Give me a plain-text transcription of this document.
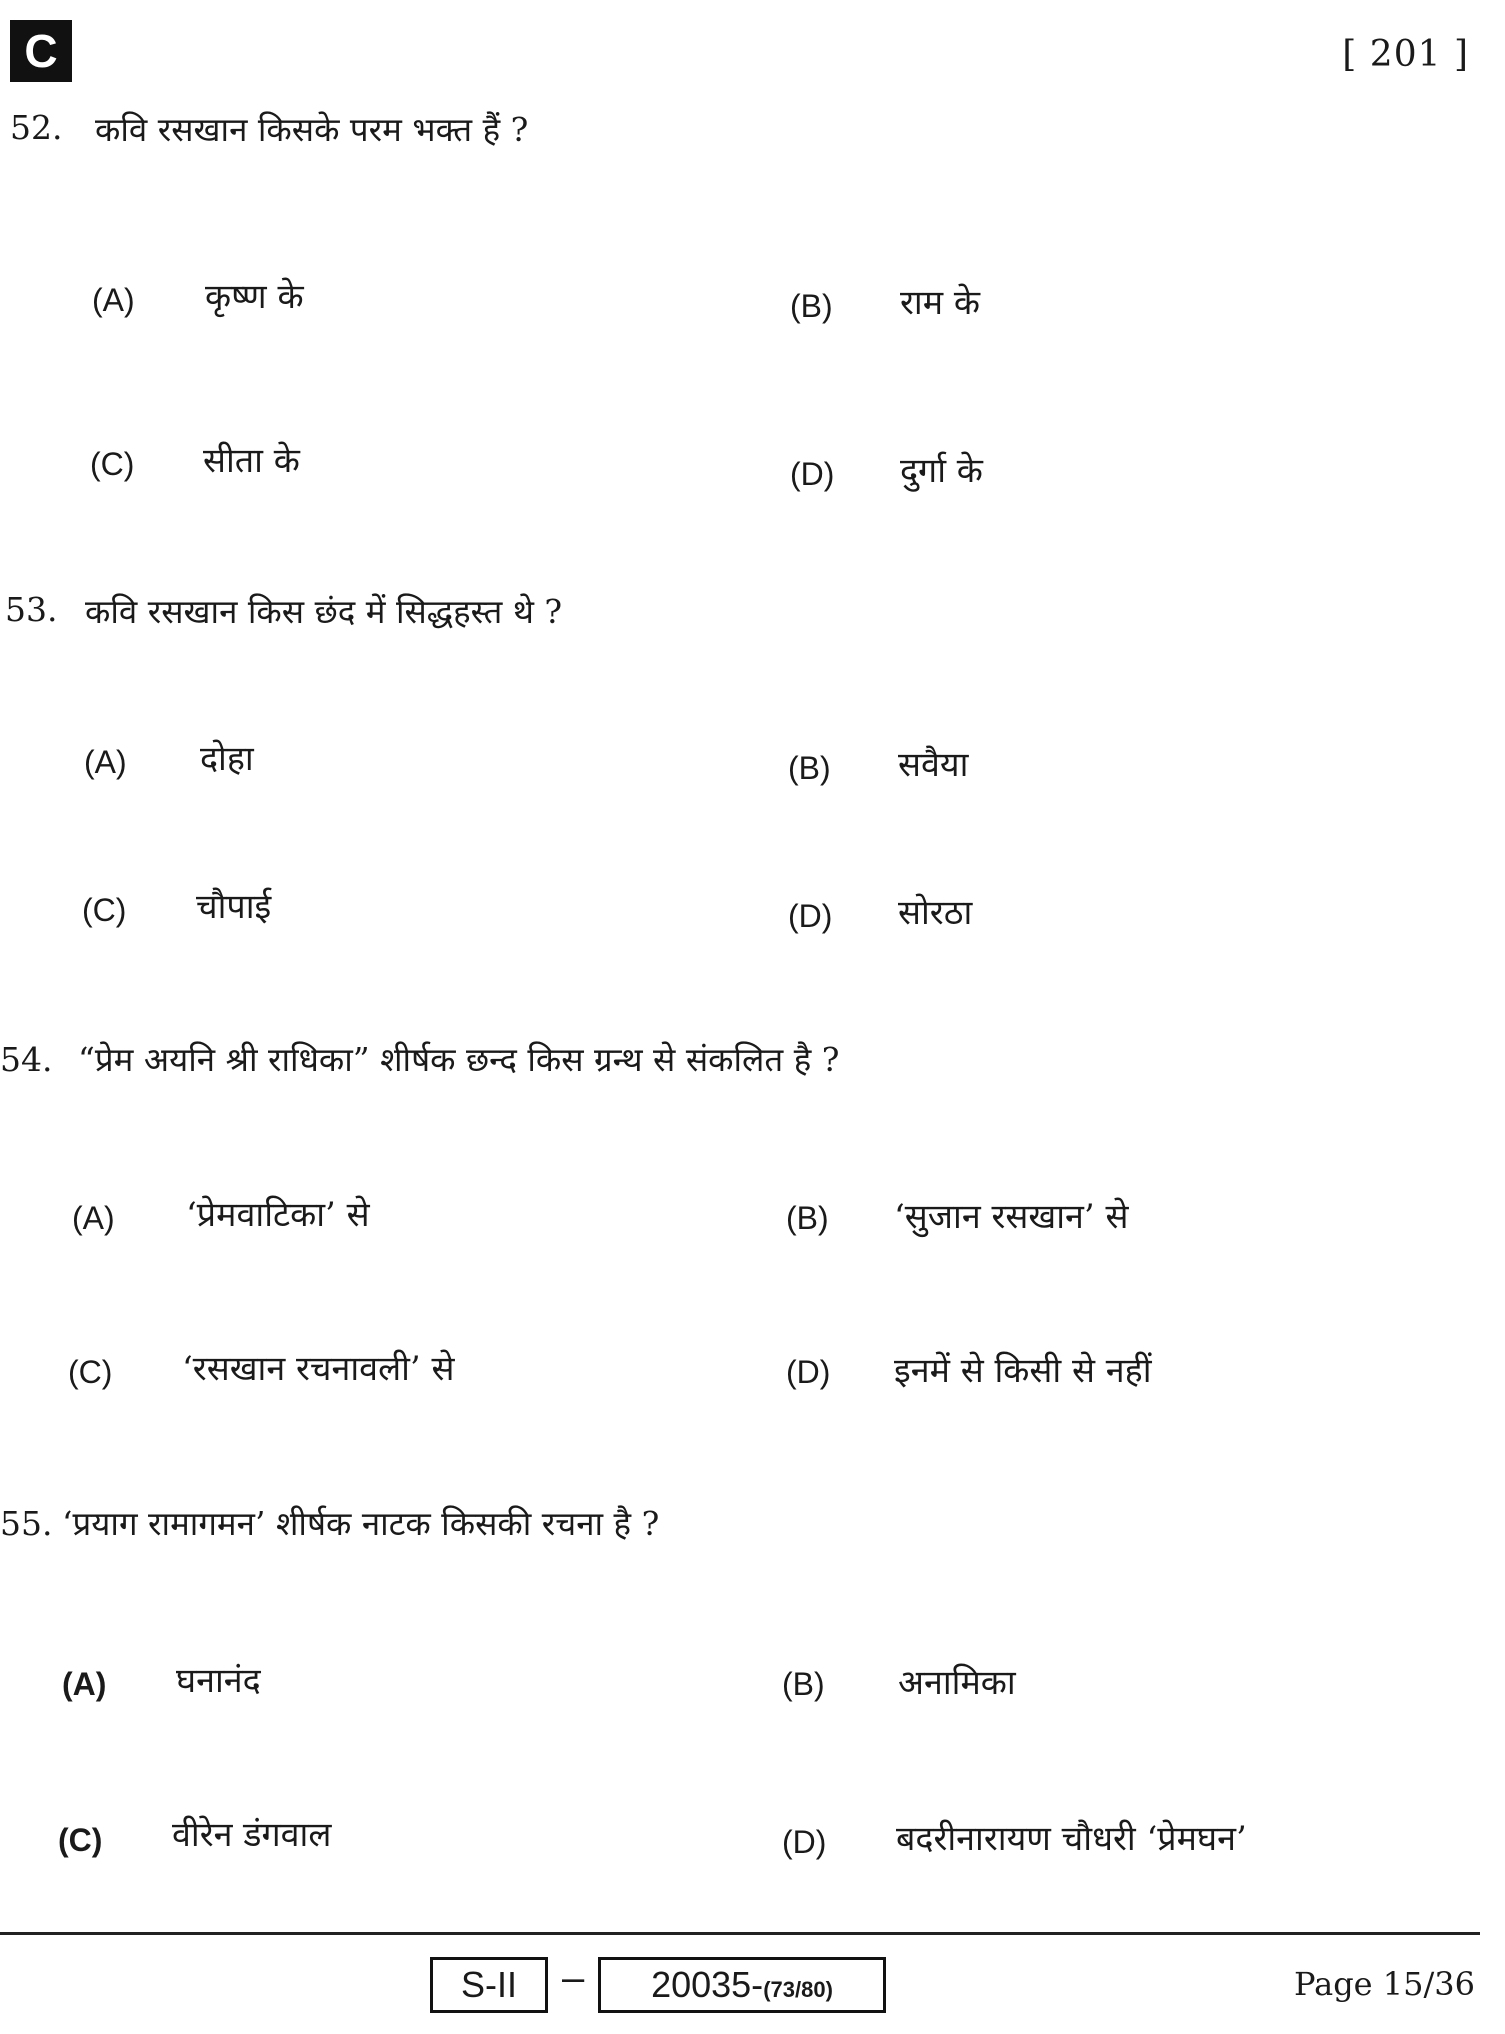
C	[ 201 ]
52. कवि रसखान किसके परम भक्त हैं ?
(A) कृष्ण के	(B) राम के
(C) सीता के	(D) दुर्गा के
53. कवि रसखान किस छंद में सिद्धहस्त थे ?
(A) दोहा	(B) सवैया
(C) चौपाई	(D) सोरठा
54. “प्रेम अयनि श्री राधिका” शीर्षक छन्द किस ग्रन्थ से संकलित है ?
(A) ‘प्रेमवाटिका’ से	(B) ‘सुजान रसखान’ से
(C) ‘रसखान रचनावली’ से	(D) इनमें से किसी से नहीं
55. ‘प्रयाग रामागमन’ शीर्षक नाटक किसकी रचना है ?
(A) घनानंद	(B) अनामिका
(C) वीरेन डंगवाल	(D) बदरीनारायण चौधरी ‘प्रेमघन’
S-II	–	20035-(73/80)	Page 15/36
